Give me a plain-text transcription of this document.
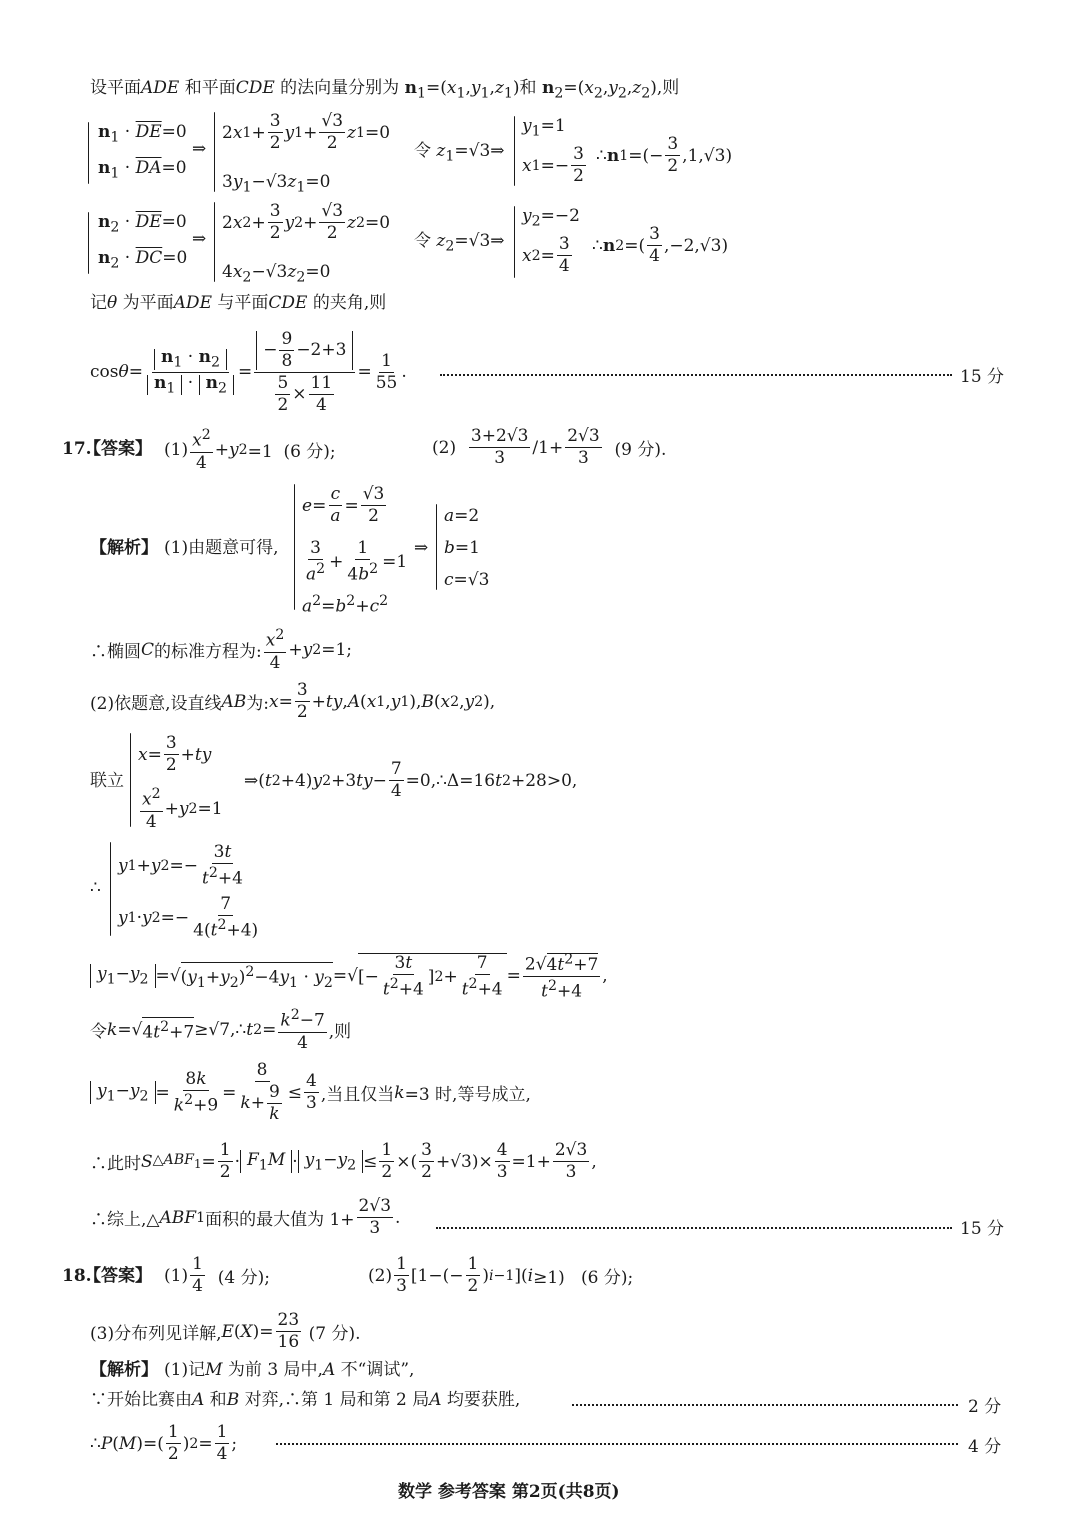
设平面ADE 和平面CDE 的法向量分别为 $n_1=(x_1,y_1,z_1)$和 $n_2=(x_2,y_2,z_2)$,则
$n_1 \cdot \overline{DE}=0$
$n_1 \cdot \overline{DA}=0$
⇒
2 x $1 + \frac{3}{2}$ y $1 + \frac{√3}{2}$ z 1 =0
$3y_1-√3z_1=0$
令 $z_1=√3\Rightarrow$
$y_1=1$
x $1 =- \frac{3}{2}$ ∴ n 1 =(− $\frac{3}{2} ,1,√3$)
$n_2 \cdot \overline{DE}=0$
$n_2 \cdot \overline{DC}=0$
⇒
2 x $2 + \frac{3}{2}$ y $2 + \frac{√3}{2}$ z 2 =0
$4x_2-√3z_2=0$
令 $z_2=√3\Rightarrow$
$y_2=-2$
x $2 = \frac{3}{4}$ ∴ n 2 =( $\frac{3}{4} ,-2,√3$)
记θ 为平面ADE 与平面CDE 的夹角,则
$\cos \theta = \frac{n_1 \cdot n_2}{n_1 \cdot n_2} = \frac{- \frac{9}{8} -2+3}{\frac{5}{2} \times \frac{11}{4}} = \frac{1}{55}$ .	15 分
17.
【答案】 $(1) \frac{x^2}{4} + y$ 2 =1  (6 分);	$(2) \frac{3+2√3}{3} /1+ \frac{2√3}{3} (9$ 分).
【解析】 (1)由题意可得,
$e = \frac{c}{a} = \frac{√3}{2}$
$\frac{3}{a^2} + \frac{1}{4b^2} =1$
$a^2=b^2+c^2$
⇒
a=2
b=1
c=√3
∴椭圆 C 的标准方程为: $\frac{x^2}{4} + y$ 2 =1;
(2)依题意,设直线 AB 为: $x = \frac{3}{2}$ + ty , A ( x 1 , y 1 ), B ( x 2 , y 2 ),
联立
$x = \frac{3}{2}$ + ty
$\frac{x^2}{4} + y$ 2 =1
⇒( t 2 +4) y 2 +3 ty − $\frac{7}{4}$ =0,∴Δ=16 t 2 +28>0,
∴
y 1 + y $2 =- \frac{3t}{t^2+4}$
y 1 · y $2 =- \frac{7}{4(t^2+4)}$
$y_1-y_2$ =√ $(y_1+y_2)^2-4y_1 \cdot y_2$ =√ [− $\frac{3t}{t^2+4}$ ] $2 + \frac{7}{t^2+4} = \frac{2√4t^2+7}{t^2+4}$ ,
令 k =√ $4t^2+7$ ≥√7,∴ t $2 = \frac{k^2-7}{4}$ ,则
$y_1-y_2 = \frac{8k}{k^2+9} = \frac{8}{k + \frac{9}{k}} \le \frac{4}{3}$ ,当且仅当 k =3 时,等号成立,
∴此时 S $\triangle ABF_1 = \frac{1}{2} \cdot F_1M \cdot y_1-y_2 \le \frac{1}{2}$ ×( $\frac{3}{2} +√3)\times \frac{4}{3} =1+ \frac{2√3}{3}$ ,
∴综上,△ ABF 1 面积的最大值为 $1+ \frac{2√3}{3}$ .
15 分
18.
【答案】 $(1) \frac{1}{4} (4$ 分);	$(2) \frac{1}{3} [1-(- \frac{1}{2}$ ) i−1 ]( i ≥1)   (6 分);
(3)分布列见详解, E ( X )= $\frac{23}{16} (7$ 分).
【解析】 (1)记M 为前 3 局中,A 不“调试”,
∵开始比赛由A 和B 对弈,∴第 1 局和第 2 局A 均要获胜,	2 分
∴ P ( M )=( $\frac{1}{2}$ ) $2 = \frac{1}{4}$ ;	4 分
数学 参考答案 第2页(共8页)
